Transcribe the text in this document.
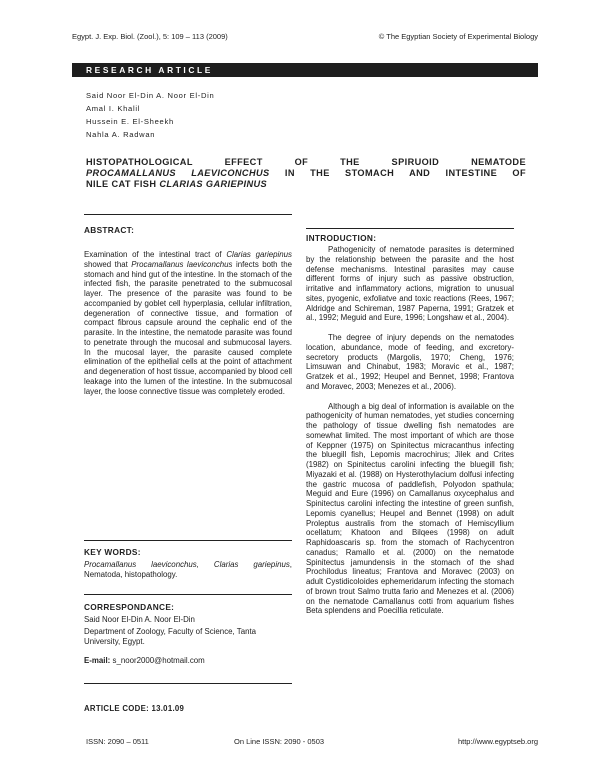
Egypt. J. Exp. Biol. (Zool.), 5: 109 – 113 (2009)	© The Egyptian Society of Experimental Biology
RESEARCH ARTICLE
Said Noor El-Din A. Noor El-Din
Amal I. Khalil
Hussein E. El-Sheekh
Nahla A. Radwan
HISTOPATHOLOGICAL EFFECT OF THE SPIRUOID NEMATODE
PROCAMALLANUS LAEVICONCHUS IN THE STOMACH AND INTESTINE OF
NILE CAT FISH CLARIAS GARIEPINUS
ABSTRACT:
Examination of the intestinal tract of Clarias gariepinus showed that Procamallanus laeviconchus infects both the stomach and hind gut of the intestine. In the stomach of the infected fish, the parasite penetrated to the submucosal layer. The presence of the parasite was found to be accompanied by goblet cell hyperplasia, cellular infiltration, degeneration of connective tissue, and formation of compact fibrous capsule around the cephalic end of the parasite. In the intestine, the nematode parasite was found to penetrate through the mucosal and submucosal layers. In the mucosal layer, the parasite caused complete elimination of the epithelial cells at the point of attachment and degeneration of host tissue, accompanied by blood cell leakage into the lumen of the intestine. In the submucosal layer, the loose connective tissue was completely eroded.
KEY WORDS:
Procamallanus laeviconchus, Clarias gariepinus, Nematoda, histopathology.
CORRESPONDANCE:
Said Noor El-Din A. Noor El-Din
Department of Zoology, Faculty of Science, Tanta University, Egypt.
E-mail: s_noor2000@hotmail.com
ARTICLE CODE: 13.01.09
INTRODUCTION:

Pathogenicity of nematode parasites is determined by the relationship between the parasite and the host defense mechanisms. Intestinal parasites may cause different forms of injury such as passive obstruction, irritative and inflammatory actions, migration to unusual sites, pyogenic, exfoliatve and toxic reactions (Rees, 1967; Aldridge and Schireman, 1987 Paperna, 1991; Gratzek et al., 1992; Meguid and Eure, 1996; Longshaw et al., 2004).

The degree of injury depends on the nematodes location, abundance, mode of feeding, and excretory-secretory products (Margolis, 1970; Cheng, 1976; Limsuwan and Chinabut, 1983; Moravic et al., 1987; Gratzek et al., 1992; Heupel and Bennet, 1998; Frantova and Moravec, 2003; Menezes et al., 2006).

Although a big deal of information is available on the pathogenicity of human nematodes, yet studies concerning the pathology of tissue dwelling fish nematodes are somewhat limited. The most important of which are those of Keppner (1975) on Spinitectus micracanthus infecting the bluegill fish, Lepomis macrochirus; Jilek and Crites (1982) on Spinitectus carolini infecting the bluegill fish; Miyazaki et al. (1988) on Hysterothylacium dolfusi infecting the gastric mucosa of paddlefish, Polyodon spathula; Meguid and Eure (1996) on Camallanus oxycephalus and Spinitectus carolini infecting the intestine of green sunfish, Lepomis cyanellus; Heupel and Bennet (1998) on adult Proleptus australis from the stomach of Hemiscyllium ocellatum; Khatoon and Bilqees (1998) on adult Raphidoascaris sp. from the stomach of Rachycentron canadus; Ramallo et al. (2000) on the nematode Spinitectus jamundensis in the stomach of the shad Prochilodus lineatus; Frantova and Moravec (2003) on adult Cystidicoloides ephemeridarum infecting the stomach of brown trout Salmo trutta fario and Menezes et al. (2006) on the nematode Camallanus cotti from aquarium fishes Beta splendens and Poecillia reticulate.

ISSN: 2090 – 0511	On Line ISSN: 2090 - 0503	http://www.egyptseb.org
